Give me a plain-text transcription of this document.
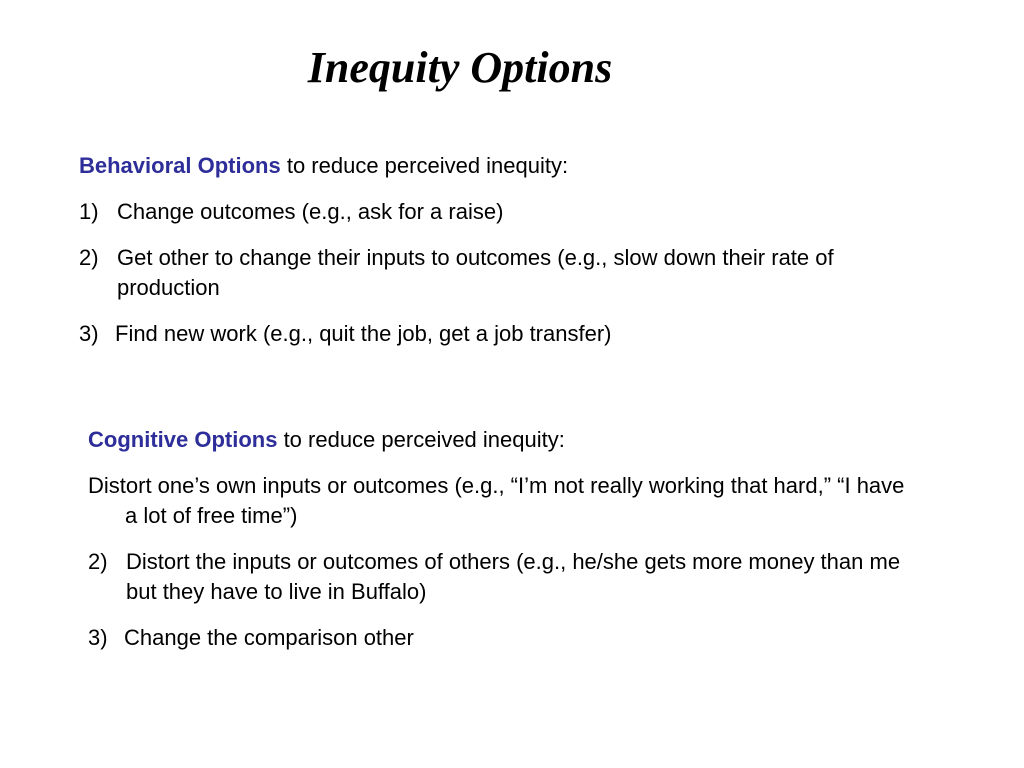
Inequity Options

Behavioral Options to reduce perceived inequity:

1) Change outcomes (e.g., ask for a raise)

2) Get other to change their inputs to outcomes (e.g., slow down their rate of production

3) Find new work (e.g., quit the job, get a job transfer)

Cognitive Options to reduce perceived inequity:

Distort one’s own inputs or outcomes (e.g., “I’m not really working that hard,” “I have a lot of free time”)

2) Distort the inputs or outcomes of others (e.g., he/she gets more money than me but they have to live in Buffalo)

3) Change the comparison other
